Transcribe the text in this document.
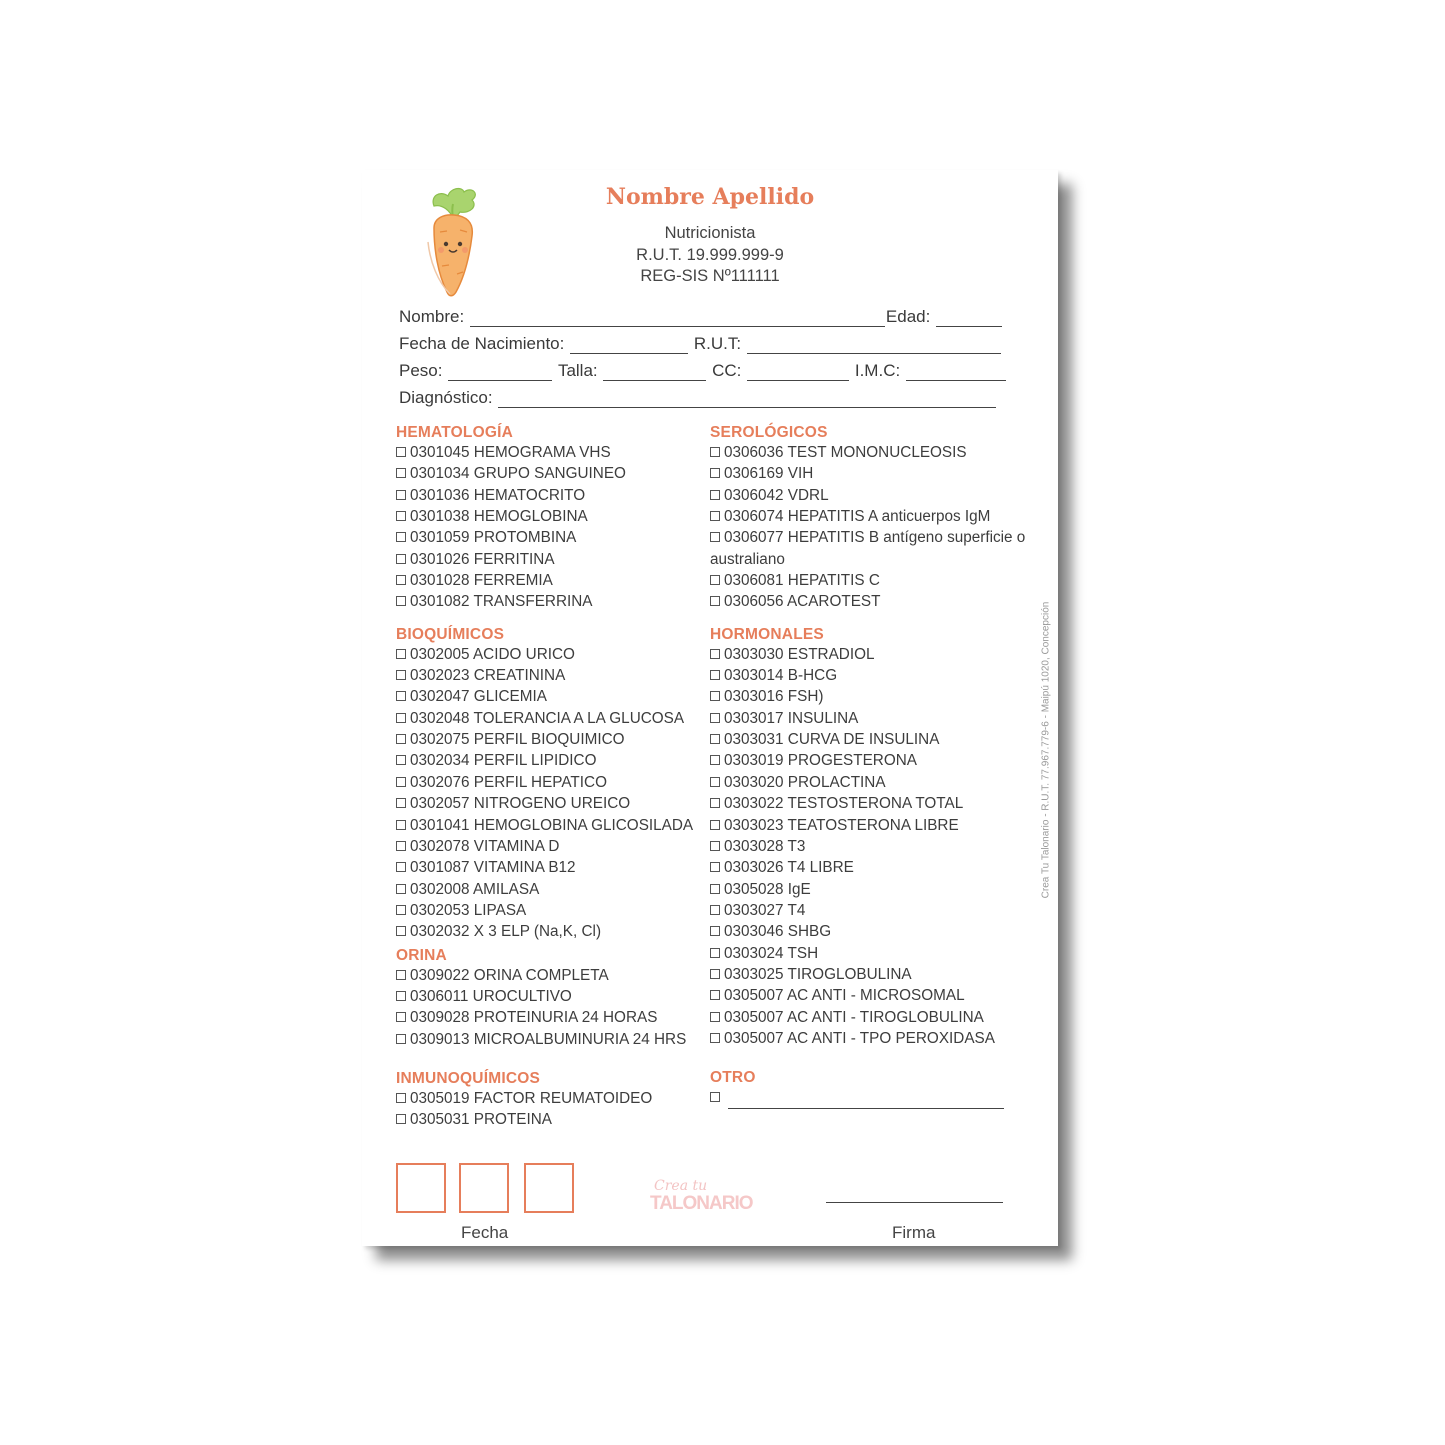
Nombre Apellido
Nutricionista
R.U.T. 19.999.999-9
REG-SIS Nº111111
Nombre:	Edad:
Fecha de Nacimiento:	R.U.T:
Peso:	Talla:	CC:	I.M.C:
Diagnóstico:
HEMATOLOGÍA
0301045 HEMOGRAMA VHS
0301034 GRUPO SANGUINEO
0301036 HEMATOCRITO
0301038 HEMOGLOBINA
0301059 PROTOMBINA
0301026 FERRITINA
0301028 FERREMIA
0301082 TRANSFERRINA
BIOQUÍMICOS
0302005 ACIDO URICO
0302023 CREATININA
0302047 GLICEMIA
0302048 TOLERANCIA A LA GLUCOSA
0302075 PERFIL BIOQUIMICO
0302034 PERFIL LIPIDICO
0302076 PERFIL HEPATICO
0302057 NITROGENO UREICO
0301041 HEMOGLOBINA GLICOSILADA
0302078 VITAMINA D
0301087 VITAMINA B12
0302008 AMILASA
0302053 LIPASA
0302032 X 3 ELP (Na,K, Cl)
ORINA
0309022 ORINA COMPLETA
0306011 UROCULTIVO
0309028 PROTEINURIA 24 HORAS
0309013 MICROALBUMINURIA 24 HRS
INMUNOQUÍMICOS
0305019 FACTOR REUMATOIDEO
0305031 PROTEINA
SEROLÓGICOS
0306036 TEST MONONUCLEOSIS
0306169 VIH
0306042 VDRL
0306074 HEPATITIS A anticuerpos IgM
0306077 HEPATITIS B antígeno superficie o australiano
0306081 HEPATITIS C
0306056 ACAROTEST
HORMONALES
0303030 ESTRADIOL
0303014 B-HCG
0303016 FSH)
0303017 INSULINA
0303031 CURVA DE INSULINA
0303019 PROGESTERONA
0303020 PROLACTINA
0303022 TESTOSTERONA TOTAL
0303023 TEATOSTERONA LIBRE
0303028 T3
0303026 T4 LIBRE
0305028 IgE
0303027 T4
0303046 SHBG
0303024 TSH
0303025 TIROGLOBULINA
0305007 AC ANTI - MICROSOMAL
0305007 AC ANTI - TIROGLOBULINA
0305007 AC ANTI - TPO PEROXIDASA
OTRO

Fecha
Crea tu
TALONARIO
Firma
Crea Tu Talonario - R.U.T. 77.967.779-6 - Maipú 1020, Concepción
